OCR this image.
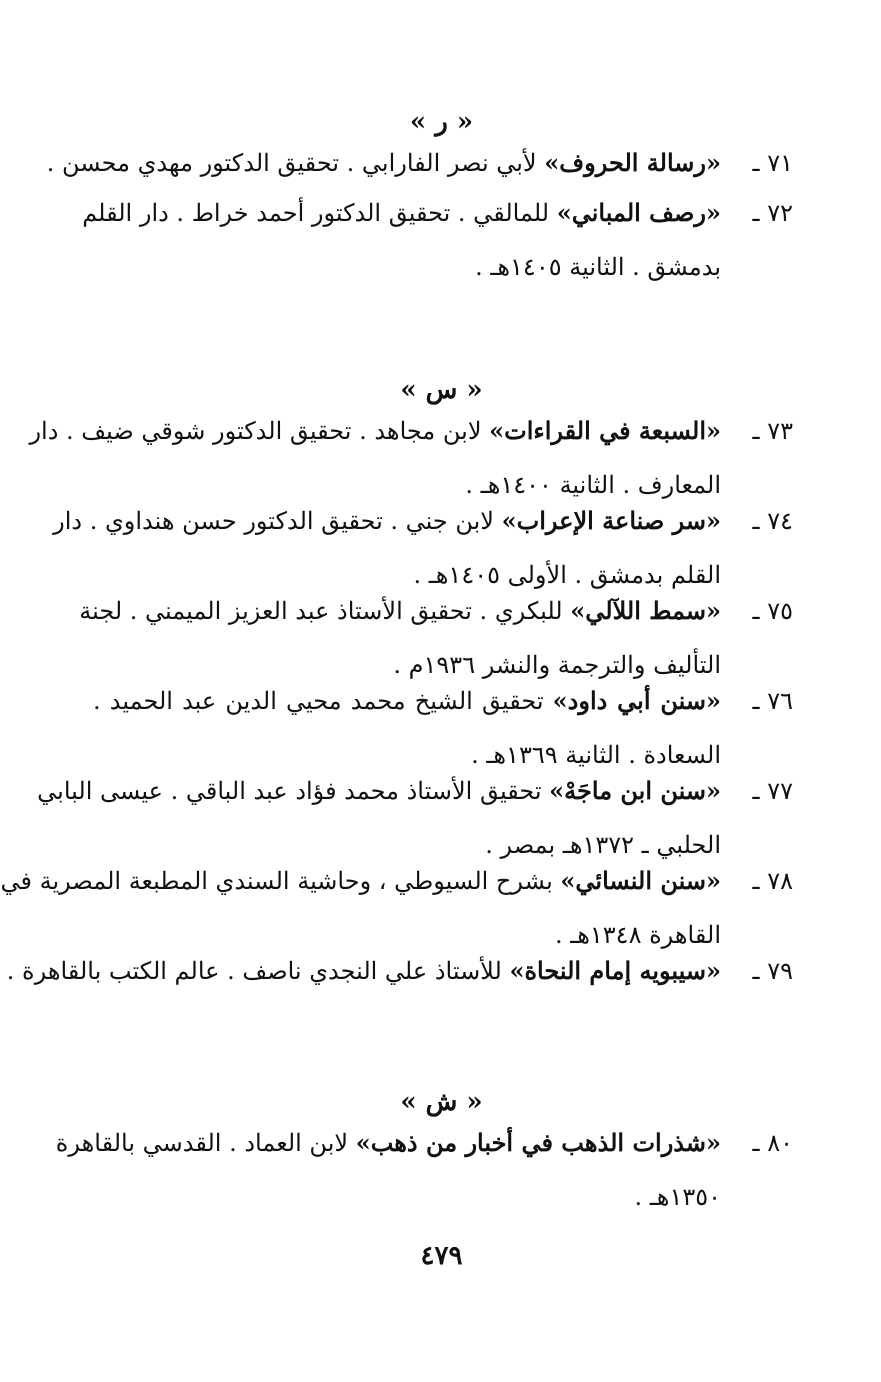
« ر »
٧١ ـ
«رسالة الحروف» لأبي نصر الفارابي . تحقيق الدكتور مهدي محسن .
٧٢ ـ
«رصف المباني» للمالقي . تحقيق الدكتور أحمد خراط . دار القلم
بدمشق . الثانية ١٤٠٥هـ .
« س »
٧٣ ـ
«السبعة في القراءات» لابن مجاهد . تحقيق الدكتور شوقي ضيف . دار
المعارف . الثانية ١٤٠٠هـ .
٧٤ ـ
«سر صناعة الإعراب» لابن جني . تحقيق الدكتور حسن هنداوي . دار
القلم بدمشق . الأولى ١٤٠٥هـ .
٧٥ ـ
«سمط اللآلي» للبكري . تحقيق الأستاذ عبد العزيز الميمني . لجنة
التأليف والترجمة والنشر ١٩٣٦م .
٧٦ ـ
«سنن أبي داود» تحقيق الشيخ محمد محيي الدين عبد الحميد .
السعادة . الثانية ١٣٦٩هـ .
٧٧ ـ
«سنن ابن ماجَهْ» تحقيق الأستاذ محمد فؤاد عبد الباقي . عيسى البابي
الحلبي ـ ١٣٧٢هـ بمصر .
٧٨ ـ
«سنن النسائي» بشرح السيوطي ، وحاشية السندي المطبعة المصرية في
القاهرة ١٣٤٨هـ .
٧٩ ـ
«سيبويه إمام النحاة» للأستاذ علي النجدي ناصف . عالم الكتب بالقاهرة .
« ش »
٨٠ ـ
«شذرات الذهب في أخبار من ذهب» لابن العماد . القدسي بالقاهرة
١٣٥٠هـ .
٤٧٩
